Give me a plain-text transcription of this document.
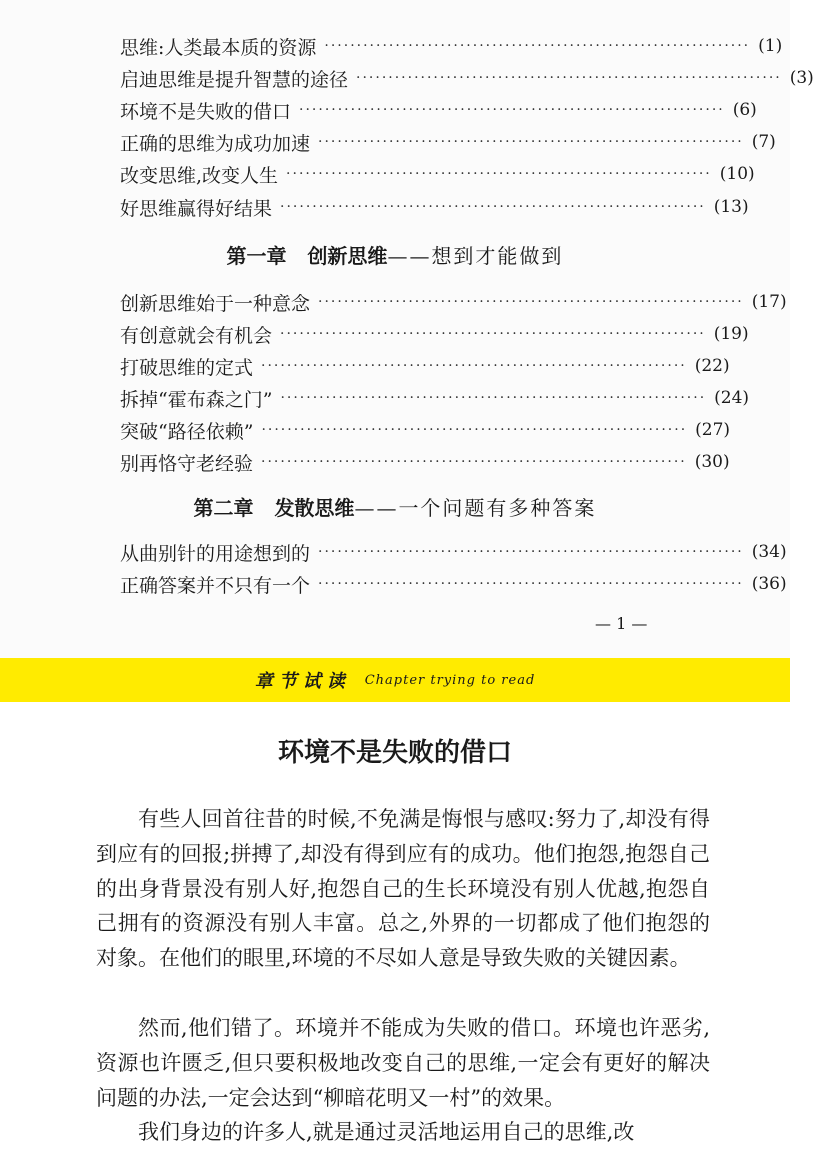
思维:人类最本质的资源 ·································································· (1)
启迪思维是提升智慧的途径 ·································································· (3)
环境不是失败的借口 ·································································· (6)
正确的思维为成功加速 ·································································· (7)
改变思维,改变人生 ·································································· (10)
好思维赢得好结果 ·································································· (13)
第一章 创新思维——想到才能做到
创新思维始于一种意念 ·································································· (17)
有创意就会有机会 ·································································· (19)
打破思维的定式 ·································································· (22)
拆掉“霍布森之门” ·································································· (24)
突破“路径依赖” ·································································· (27)
别再恪守老经验 ·································································· (30)
第二章 发散思维——一个问题有多种答案
从曲别针的用途想到的 ·································································· (34)
正确答案并不只有一个 ·································································· (36)
— 1 —
章节试读 Chapter trying to read
环境不是失败的借口

有些人回首往昔的时候,不免满是悔恨与感叹:努力了,却没有得到应有的回报;拼搏了,却没有得到应有的成功。他们抱怨,抱怨自己的出身背景没有别人好,抱怨自己的生长环境没有别人优越,抱怨自己拥有的资源没有别人丰富。总之,外界的一切都成了他们抱怨的对象。在他们的眼里,环境的不尽如人意是导致失败的关键因素。

然而,他们错了。环境并不能成为失败的借口。环境也许恶劣,资源也许匮乏,但只要积极地改变自己的思维,一定会有更好的解决问题的办法,一定会达到“柳暗花明又一村”的效果。

我们身边的许多人,就是通过灵活地运用自己的思维,改
